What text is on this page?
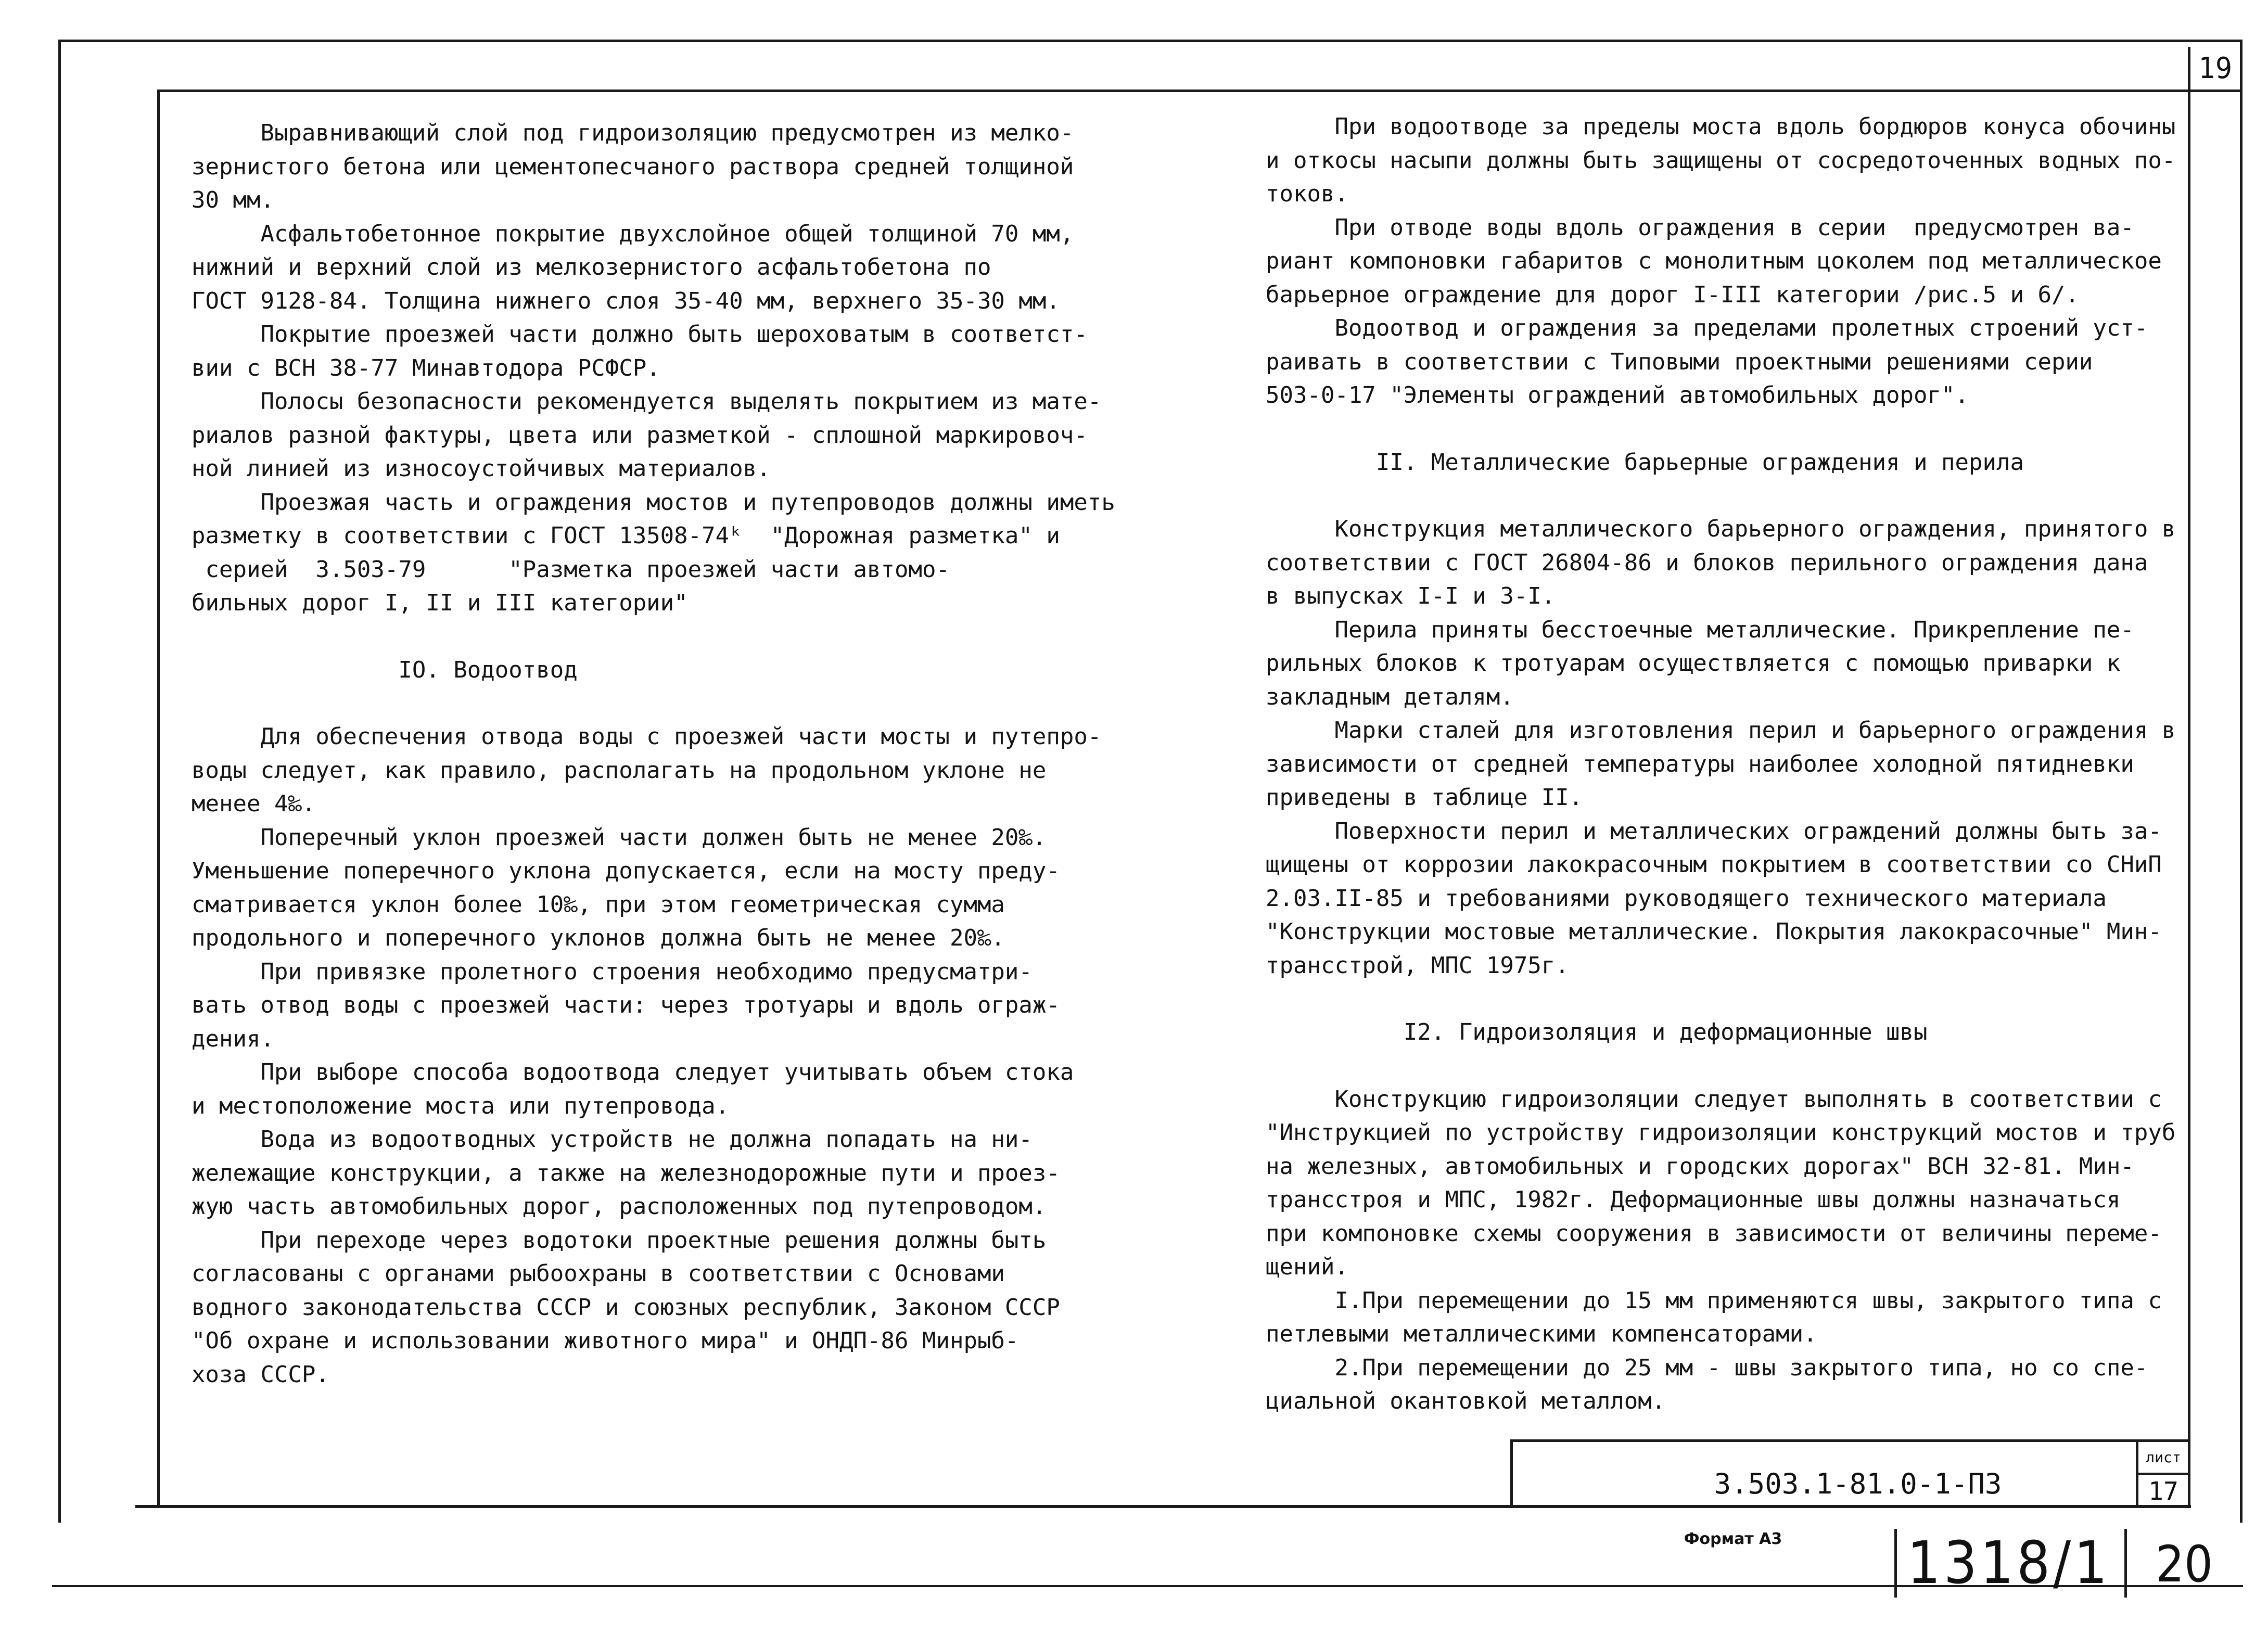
19

Выравнивающий слой под гидроизоляцию предусмотрен из мелко-
зернистого бетона или цементопесчаного раствора средней толщиной
30 мм.

Асфальтобетонное покрытие двухслойное общей толщиной 70 мм,
нижний и верхний слой из мелкозернистого асфальтобетона по
ГОСТ 9128-84. Толщина нижнего слоя 35-40 мм, верхнего 35-30 мм.

Покрытие проезжей части должно быть шероховатым в соответст-
вии с ВСН 38-77 Минавтодора РСФСР.

Полосы безопасности рекомендуется выделять покрытием из мате-
риалов разной фактуры, цвета или разметкой - сплошной маркировоч-
ной линией из износоустойчивых материалов.

Проезжая часть и ограждения мостов и путепроводов должны иметь
разметку в соответствии с ГОСТ 13508-74ᵏ  "Дорожная разметка" и
серией  3.503-79      "Разметка проезжей части автомо-
бильных дорог I, II и III категории"

IO. Водоотвод

Для обеспечения отвода воды с проезжей части мосты и путепро-
воды следует, как правило, располагать на продольном уклоне не
менее 4‰.

Поперечный уклон проезжей части должен быть не менее 20‰.
Уменьшение поперечного уклона допускается, если на мосту преду-
сматривается уклон более 10‰, при этом геометрическая сумма
продольного и поперечного уклонов должна быть не менее 20‰.

При привязке пролетного строения необходимо предусматри-
вать отвод воды с проезжей части: через тротуары и вдоль ограж-
дения.

При выборе способа водоотвода следует учитывать объем стока
и местоположение моста или путепровода.

Вода из водоотводных устройств не должна попадать на ни-
жележащие конструкции, а также на железнодорожные пути и проез-
жую часть автомобильных дорог, расположенных под путепроводом.

При переходе через водотоки проектные решения должны быть
согласованы с органами рыбоохраны в соответствии с Основами
водного законодательства СССР и союзных республик, Законом СССР
"Об охране и использовании животного мира" и ОНДП-86 Минрыб-
хоза СССР.

При водоотводе за пределы моста вдоль бордюров конуса обочины
и откосы насыпи должны быть защищены от сосредоточенных водных по-
токов.

При отводе воды вдоль ограждения в серии  предусмотрен ва-
риант компоновки габаритов с монолитным цоколем под металлическое
барьерное ограждение для дорог I-III категории /рис.5 и 6/.

Водоотвод и ограждения за пределами пролетных строений уст-
раивать в соответствии с Типовыми проектными решениями серии
503-0-17 "Элементы ограждений автомобильных дорог".

II. Металлические барьерные ограждения и перила

Конструкция металлического барьерного ограждения, принятого в
соответствии с ГОСТ 26804-86 и блоков перильного ограждения дана
в выпусках I-I и 3-I.

Перила приняты бесстоечные металлические. Прикрепление пе-
рильных блоков к тротуарам осуществляется с помощью приварки к
закладным деталям.

Марки сталей для изготовления перил и барьерного ограждения в
зависимости от средней температуры наиболее холодной пятидневки
приведены в таблице II.

Поверхности перил и металлических ограждений должны быть за-
щищены от коррозии лакокрасочным покрытием в соответствии со СНиП
2.03.II-85 и требованиями руководящего технического материала
"Конструкции мостовые металлические. Покрытия лакокрасочные" Мин-
трансстрой, МПС 1975г.

I2. Гидроизоляция и деформационные швы

Конструкцию гидроизоляции следует выполнять в соответствии с
"Инструкцией по устройству гидроизоляции конструкций мостов и труб
на железных, автомобильных и городских дорогах" ВСН 32-81. Мин-
трансстроя и МПС, 1982г. Деформационные швы должны назначаться
при компоновке схемы сооружения в зависимости от величины переме-
щений.

I.При перемещении до 15 мм применяются швы, закрытого типа с
петлевыми металлическими компенсаторами.

2.При перемещении до 25 мм - швы закрытого типа, но со спе-
циальной окантовкой металлом.

3.503.1-81.0-1-ПЗ
лист
17
Формат А3	1318/1 20
